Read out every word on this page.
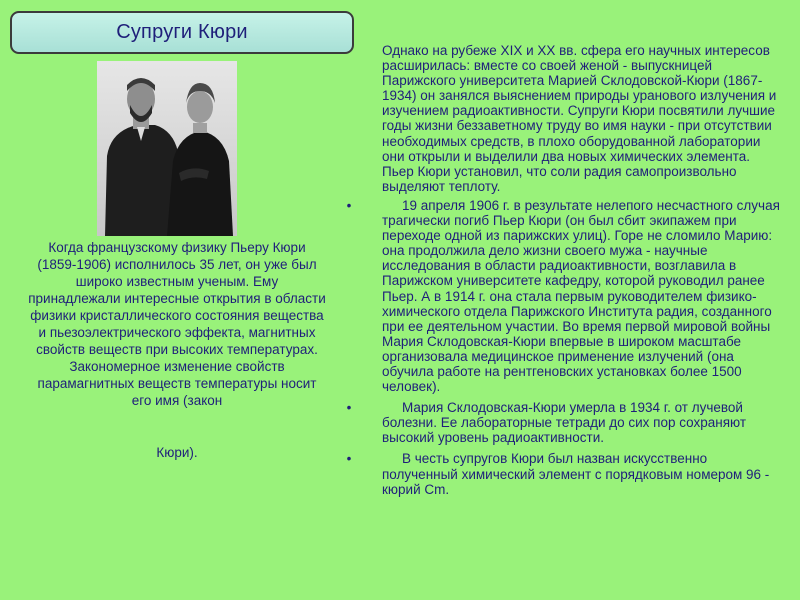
Супруги Кюри

Когда французскому физику Пьеру Кюри (1859-1906) исполнилось 35 лет, он уже был широко известным ученым. Ему принадлежали интересные открытия в области физики кристаллического состояния вещества и пьезоэлектрического эффекта, магнитных свойств веществ при высоких температурах. Закономерное изменение свойств парамагнитных веществ температуры носит его имя (закон

Кюри).

Однако на рубеже XIX и XX вв. сфера его научных интересов расширилась: вместе со своей женой - выпускницей Парижского университета Марией Склодовской-Кюри (1867-1934) он занялся выяснением природы уранового излучения и изучением радиоактивности. Супруги Кюри посвятили лучшие годы жизни беззаветному труду во имя науки - при отсутствии необходимых средств, в плохо оборудованной лаборатории они открыли и выделили два новых химических элемента. Пьер Кюри установил, что соли радия самопроизвольно выделяют теплоту.
•	19 апреля 1906 г. в результате нелепого несчастного случая трагически погиб Пьер Кюри (он был сбит экипажем при переходе одной из парижских улиц). Горе не сломило Марию: она продолжила дело жизни своего мужа - научные исследования в области радиоактивности, возглавила в Парижском университете кафедру, которой руководил ранее Пьер. А в 1914 г. она стала первым руководителем физико-химического отдела Парижского Института радия, созданного при ее деятельном участии. Во время первой мировой войны Мария Склодовская-Кюри впервые в широком масштабе организовала медицинское применение излучений (она обучила работе на рентгеновских установках более 1500 человек).
•	Мария Склодовская-Кюри умерла в 1934 г. от лучевой болезни. Ее лабораторные тетради до сих пор сохраняют высокий уровень радиоактивности.
•	В честь супругов Кюри был назван искусственно полученный химический элемент с порядковым номером 96 - кюрий Cm.
